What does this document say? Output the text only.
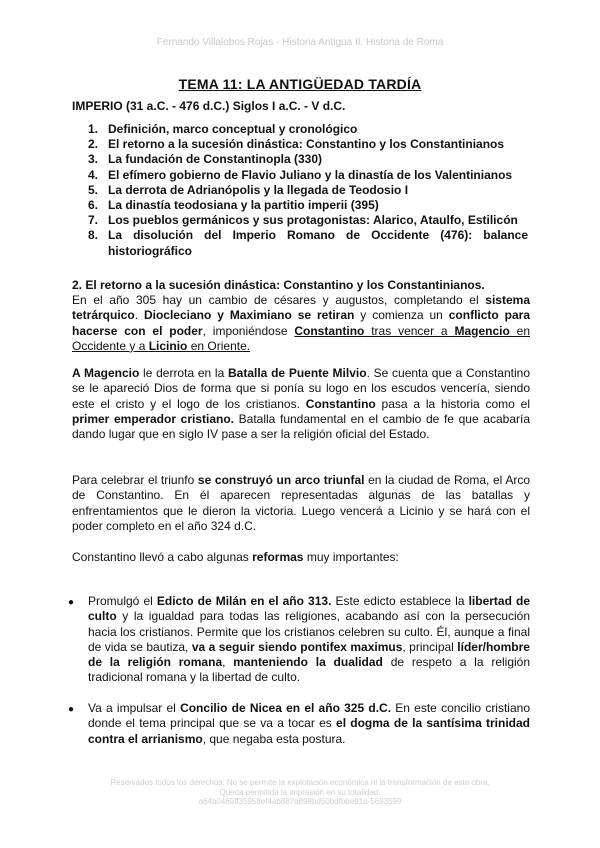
Fernando Villalobos Rojas - Historia Antigua II. Historia de Roma
TEMA 11: LA ANTIGÜEDAD TARDÍA
IMPERIO (31 a.C. - 476 d.C.) Siglos I a.C. - V d.C.
1. Definición, marco conceptual y cronológico
2. El retorno a la sucesión dinástica: Constantino y los Constantinianos
3. La fundación de Constantinopla (330)
4. El efímero gobierno de Flavio Juliano y la dinastía de los Valentinianos
5. La derrota de Adrianópolis y la llegada de Teodosio I
6. La dinastía teodosiana y la partitio imperii (395)
7. Los pueblos germánicos y sus protagonistas: Alarico, Ataulfo, Estilicón
8. La disolución del Imperio Romano de Occidente (476): balance historiográfico
2. El retorno a la sucesión dinástica: Constantino y los Constantinianos.

En el año 305 hay un cambio de césares y augustos, completando el sistema tetrárquico. Diocleciano y Maximiano se retiran y comienza un conflicto para hacerse con el poder, imponiéndose Constantino tras vencer a Magencio en Occidente y a Licinio en Oriente.

A Magencio le derrota en la Batalla de Puente Milvio. Se cuenta que a Constantino se le apareció Dios de forma que si ponía su logo en los escudos vencería, siendo este el cristo y el logo de los cristianos. Constantino pasa a la historia como el primer emperador cristiano. Batalla fundamental en el cambio de fe que acabaría dando lugar que en siglo IV pase a ser la religión oficial del Estado.

Para celebrar el triunfo se construyó un arco triunfal en la ciudad de Roma, el Arco de Constantino. En él aparecen representadas algunas de las batallas y enfrentamientos que le dieron la victoria. Luego vencerá a Licinio y se hará con el poder completo en el año 324 d.C.

Constantino llevó a cabo algunas reformas muy importantes:

● Promulgó el Edicto de Milán en el año 313. Este edicto establece la libertad de culto y la igualdad para todas las religiones, acabando así con la persecución hacia los cristianos. Permite que los cristianos celebren su culto. Él, aunque a final de vida se bautiza, va a seguir siendo pontifex maximus, principal líder/hombre de la religión romana, manteniendo la dualidad de respeto a la religión tradicional romana y la libertad de culto.

● Va a impulsar el Concilio de Nicea en el año 325 d.C. En este concilio cristiano donde el tema principal que se va a tocar es el dogma de la santísima trinidad contra el arrianismo, que negaba esta postura.

Reservados todos los derechos. No se permite la explotación económica ni la transformación de esta obra.
Queda permitida la impresión en su totalidad.
a64b0469ff35958ef4ab887a898bd50bdfbbe91a-5693599
